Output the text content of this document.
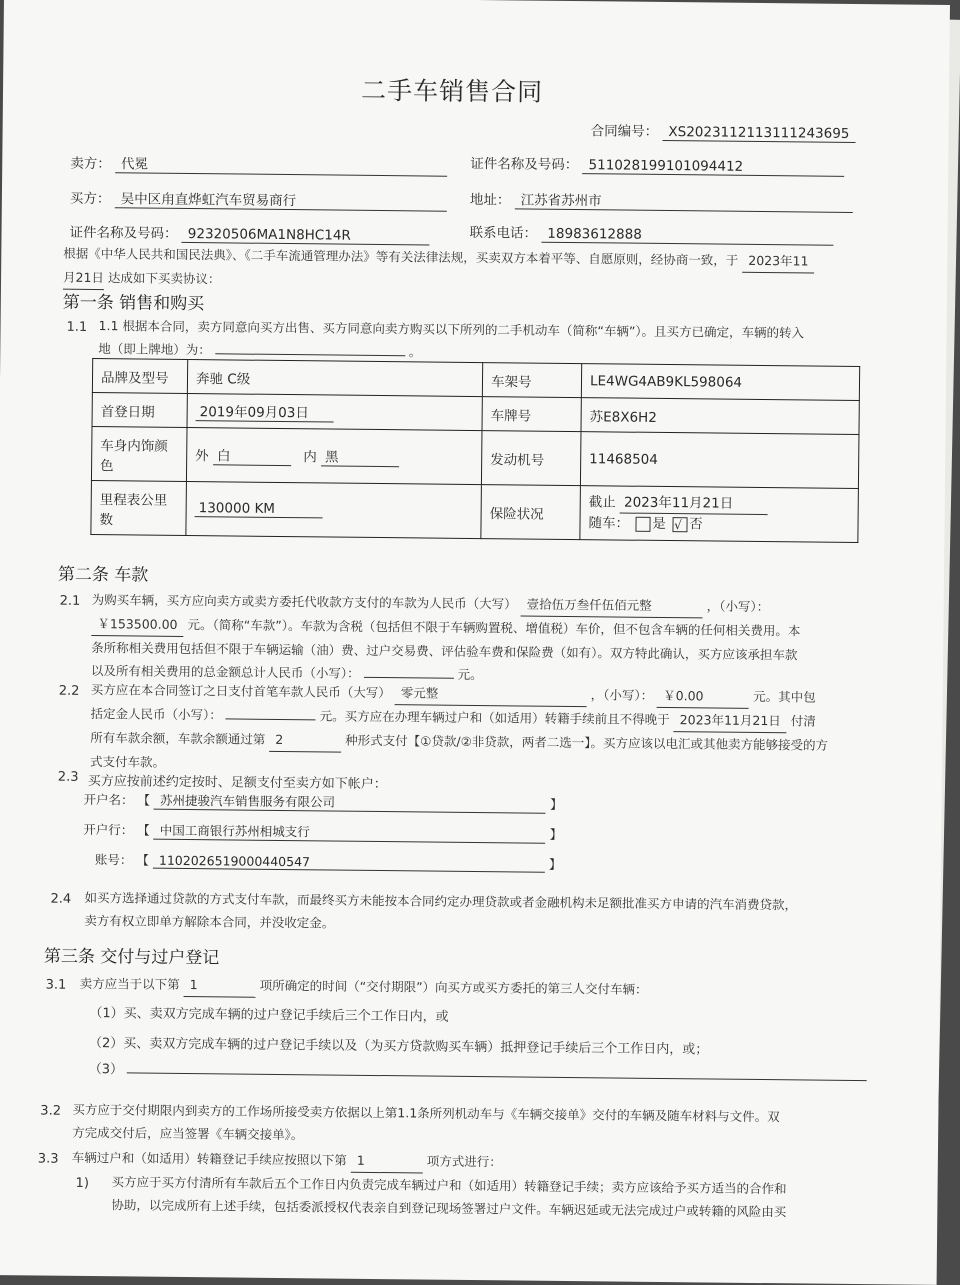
二手车销售合同
合同编号： XS2023112113111243695
卖方： 代冕	证件名称及号码： 511028199101094412
买方： 吴中区甪直烨虹汽车贸易商行	地址： 江苏省苏州市
证件名称及号码： 92320506MA1N8HC14R	联系电话： 18983612888
根据《中华人民共和国民法典》、《二手车流通管理办法》等有关法律法规，买卖双方本着平等、自愿原则，经协商一致，于 2023年11
月21日 达成如下买卖协议：
第一条 销售和购买
1.1 1.1 根据本合同，卖方同意向买方出售、买方同意向卖方购买以下所列的二手机动车（简称“车辆”）。且买方已确定，车辆的转入
地（即上牌地）为：	。
品牌及型号	奔驰 C级	车架号	LE4WG4AB9KL598064
首登日期	2019年09月03日	车牌号	苏E8X6H2
车身内饰颜色	外 白 内 黑	发动机号	11468504
里程表公里数	130000 KM	保险状况	截止 2023年11月21日
随车： 是 √ 否
第二条 车款
2.1 为购买车辆，买方应向卖方或卖方委托代收款方支付的车款为人民币（大写） 壹拾伍万叁仟伍佰元整	，（小写）：
￥153500.00 元。（简称“车款”）。车款为含税（包括但不限于车辆购置税、增值税）车价，但不包含车辆的任何相关费用。本
条所称相关费用包括但不限于车辆运输（油）费、过户交易费、评估验车费和保险费（如有）。双方特此确认，买方应该承担车款
以及所有相关费用的总金额总计人民币（小写）：	元。
2.2 买方应在本合同签订之日支付首笔车款人民币（大写） 零元整	，（小写）： ￥0.00	元。其中包
括定金人民币（小写）：	元。买方应在办理车辆过户和（如适用）转籍手续前且不得晚于 2023年11月21日 付清
所有车款余额，车款余额通过第 2	种形式支付【①贷款/②非贷款，两者二选一】。买方应该以电汇或其他卖方能够接受的方
式支付车款。
2.3 买方应按前述约定按时、足额支付至卖方如下帐户：
开户名： 【 苏州捷骏汽车销售服务有限公司	】
开户行： 【 中国工商银行苏州相城支行	】
账号： 【 1102026519000440547	】
2.4 如买方选择通过贷款的方式支付车款，而最终买方未能按本合同约定办理贷款或者金融机构未足额批准买方申请的汽车消费贷款，
卖方有权立即单方解除本合同，并没收定金。
第三条 交付与过户登记
3.1 卖方应当于以下第 1	项所确定的时间（“交付期限”）向买方或买方委托的第三人交付车辆：
（1）买、卖双方完成车辆的过户登记手续后三个工作日内，或
（2）买、卖双方完成车辆的过户登记手续以及（为买方贷款购买车辆）抵押登记手续后三个工作日内，或；
（3）
3.2 买方应于交付期限内到卖方的工作场所接受卖方依据以上第1.1条所列机动车与《车辆交接单》交付的车辆及随车材料与文件。双
方完成交付后，应当签署《车辆交接单》。
3.3 车辆过户和（如适用）转籍登记手续应按照以下第 1	项方式进行：
1) 买方应于买方付清所有车款后五个工作日内负责完成车辆过户和（如适用）转籍登记手续；卖方应该给予买方适当的合作和
协助，以完成所有上述手续，包括委派授权代表亲自到登记现场签署过户文件。车辆迟延或无法完成过户或转籍的风险由买
